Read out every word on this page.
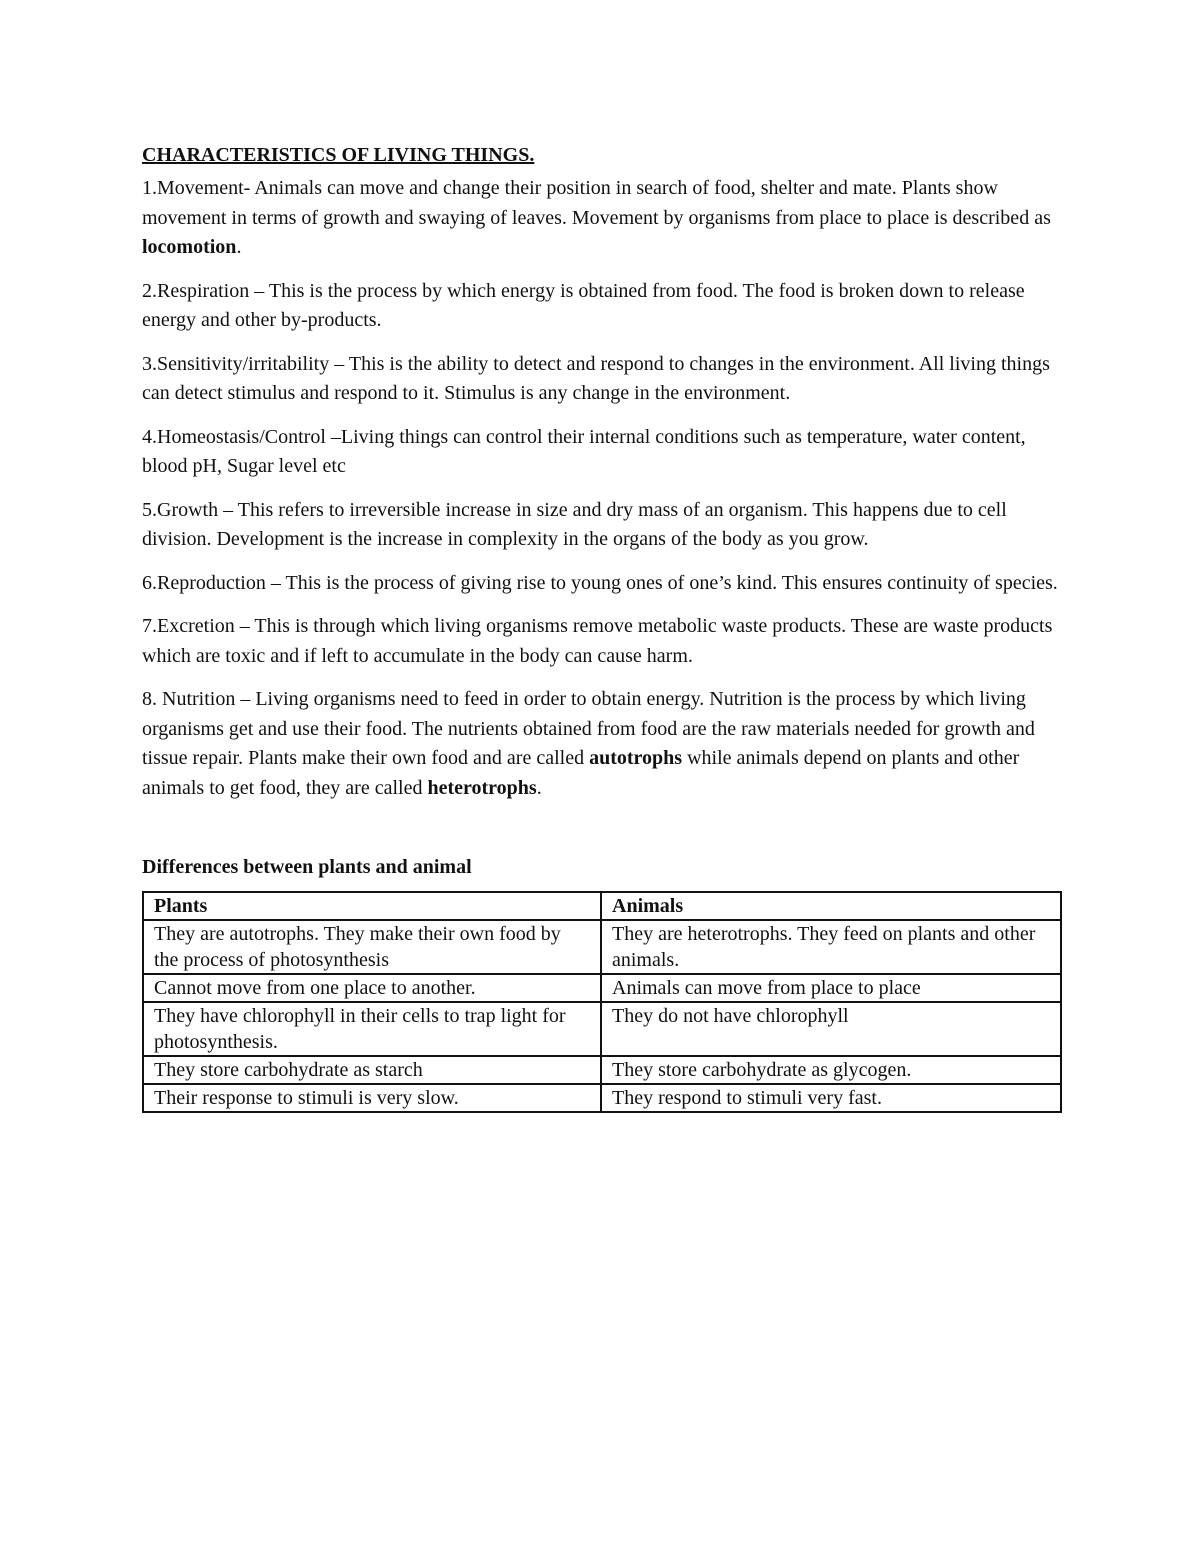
CHARACTERISTICS OF LIVING THINGS.

1.Movement- Animals can move and change their position in search of food, shelter and mate. Plants show movement in terms of growth and swaying of leaves. Movement by organisms from place to place is described as locomotion.

2.Respiration – This is the process by which energy is obtained from food. The food is broken down to release energy and other by-products.

3.Sensitivity/irritability – This is the ability to detect and respond to changes in the environment. All living things can detect stimulus and respond to it. Stimulus is any change in the environment.

4.Homeostasis/Control –Living things can control their internal conditions such as temperature, water content, blood pH, Sugar level etc

5.Growth – This refers to irreversible increase in size and dry mass of an organism. This happens due to cell division. Development is the increase in complexity in the organs of the body as you grow.

6.Reproduction – This is the process of giving rise to young ones of one’s kind. This ensures continuity of species.

7.Excretion – This is through which living organisms remove metabolic waste products. These are waste products which are toxic and if left to accumulate in the body can cause harm.

8. Nutrition – Living organisms need to feed in order to obtain energy. Nutrition is the process by which living organisms get and use their food. The nutrients obtained from food are the raw materials needed for growth and tissue repair. Plants make their own food and are called autotrophs while animals depend on plants and other animals to get food, they are called heterotrophs.

Differences between plants and animal
Plants	Animals
They are autotrophs. They make their own food by the process of photosynthesis	They are heterotrophs. They feed on plants and other animals.
Cannot move from one place to another.	Animals can move from place to place
They have chlorophyll in their cells to trap light for photosynthesis.	They do not have chlorophyll
They store carbohydrate as starch	They store carbohydrate as glycogen.
Their response to stimuli is very slow.	They respond to stimuli very fast.
